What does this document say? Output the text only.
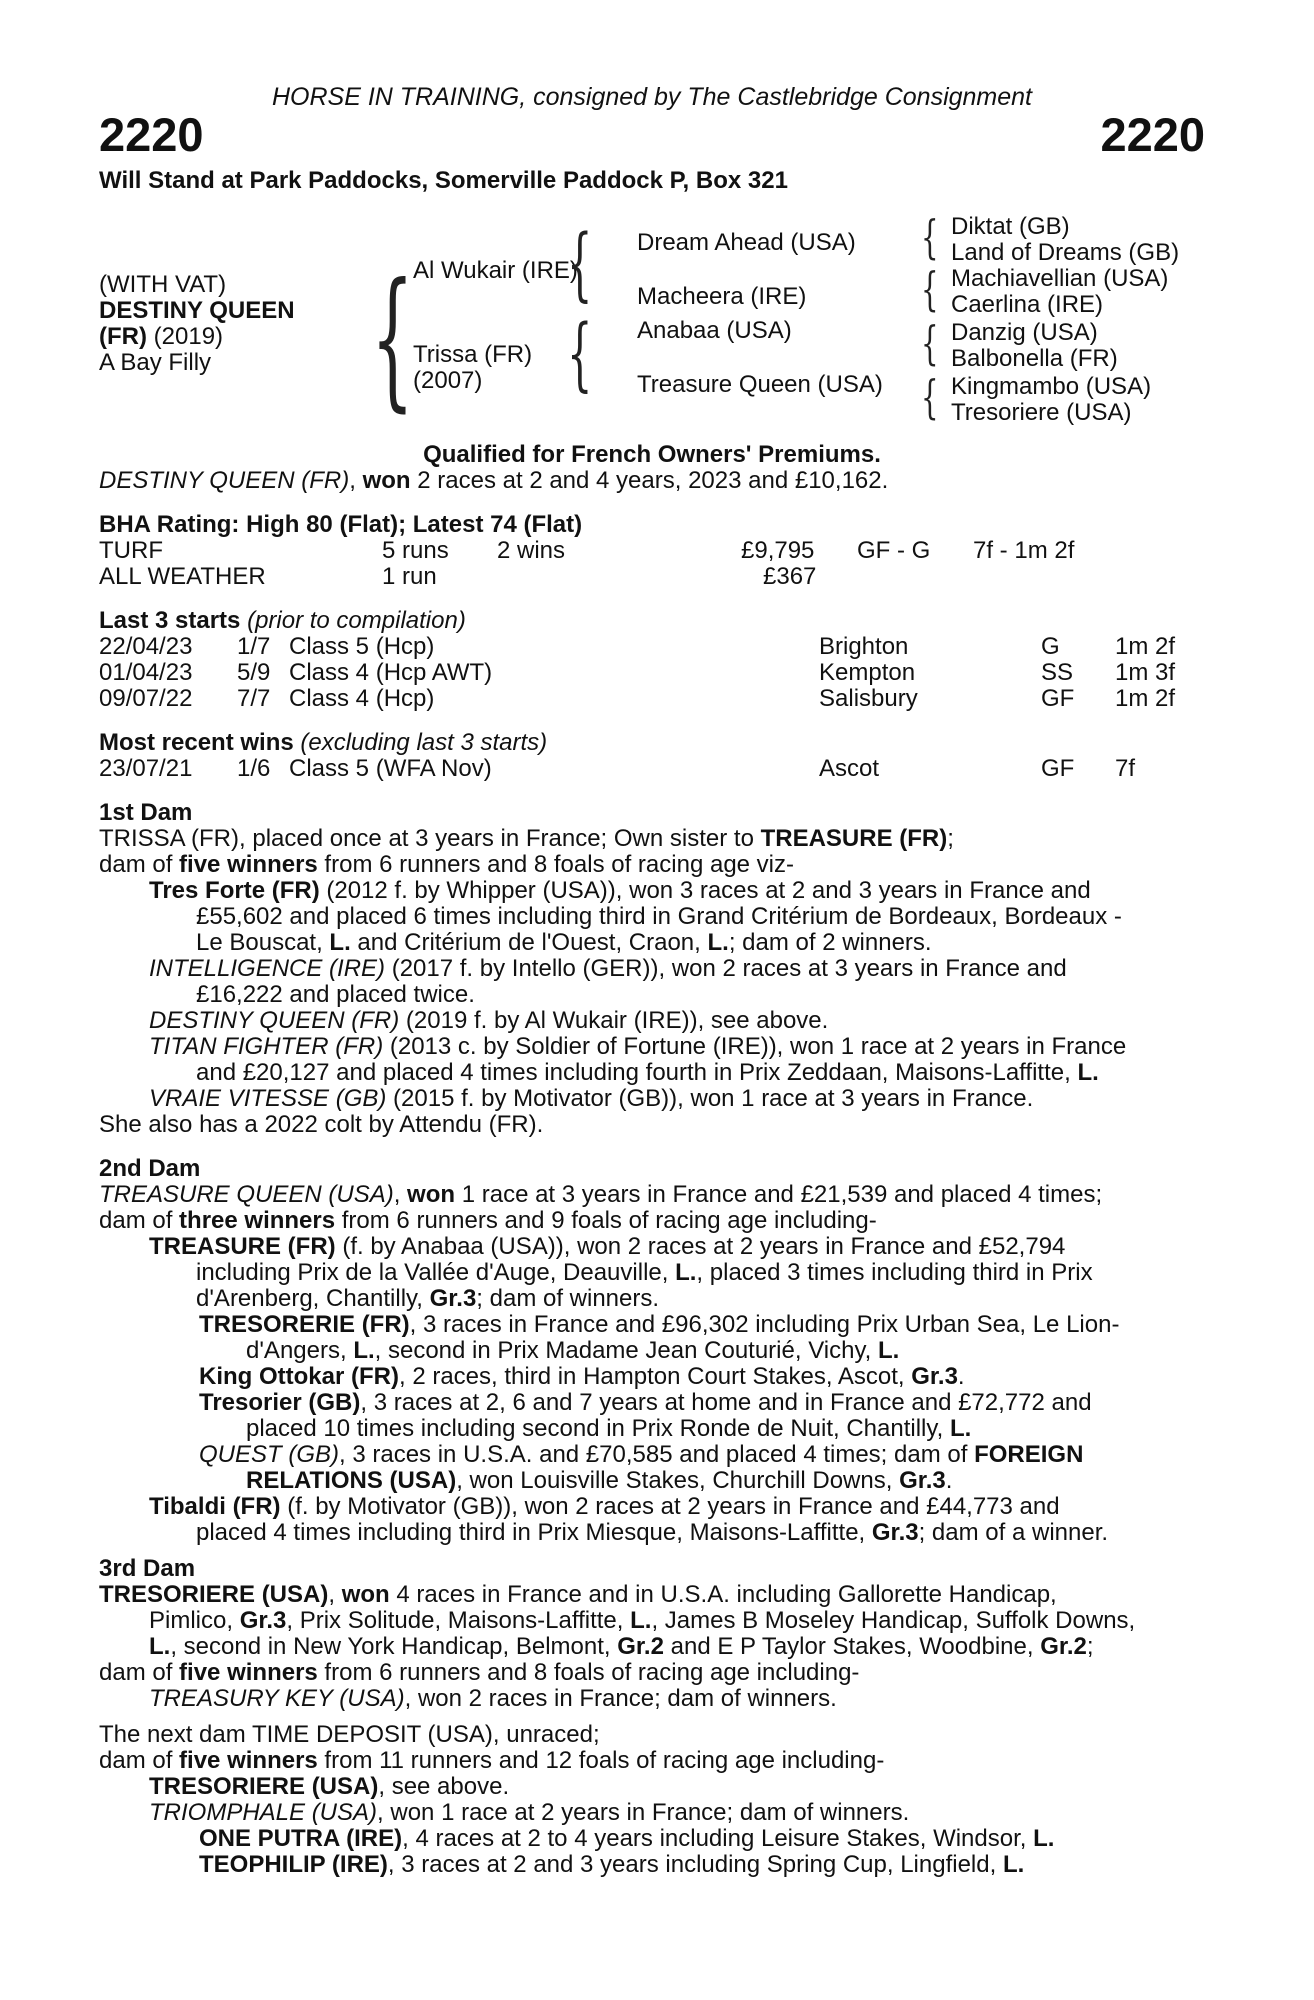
HORSE IN TRAINING, consigned by The Castlebridge Consignment
2220	2220
Will Stand at Park Paddocks, Somerville Paddock P, Box 321
(WITH VAT)
DESTINY QUEEN
(FR) (2019)
A Bay Filly { Al Wukair (IRE)
Trissa (FR)
(2007)
{
{
Dream Ahead (USA)
Macheera (IRE)
Anabaa (USA)
Treasure Queen (USA)
{
{
{
{
Diktat (GB)
Land of Dreams (GB)
Machiavellian (USA)
Caerlina (IRE)
Danzig (USA)
Balbonella (FR)
Kingmambo (USA)
Tresoriere (USA)
Qualified for French Owners' Premiums.
DESTINY QUEEN (FR), won 2 races at 2 and 4 years, 2023 and £10,162.
BHA Rating: High 80 (Flat); Latest 74 (Flat)
TURF	5 runs 2 wins	£9,795 GF - G 7f - 1m 2f
ALL WEATHER	1 run	£367
Last 3 starts (prior to compilation)
22/04/23 1/7 Class 5 (Hcp)	Brighton	G 1m 2f
01/04/23 5/9 Class 4 (Hcp AWT)	Kempton	SS 1m 3f
09/07/22 7/7 Class 4 (Hcp)	Salisbury	GF 1m 2f
Most recent wins (excluding last 3 starts)
23/07/21 1/6 Class 5 (WFA Nov)	Ascot	GF 7f
1st Dam
TRISSA (FR), placed once at 3 years in France; Own sister to TREASURE (FR);
dam of five winners from 6 runners and 8 foals of racing age viz-
Tres Forte (FR) (2012 f. by Whipper (USA)), won 3 races at 2 and 3 years in France and
£55,602 and placed 6 times including third in Grand Critérium de Bordeaux, Bordeaux -
Le Bouscat, L. and Critérium de l'Ouest, Craon, L.; dam of 2 winners.
INTELLIGENCE (IRE) (2017 f. by Intello (GER)), won 2 races at 3 years in France and
£16,222 and placed twice.
DESTINY QUEEN (FR) (2019 f. by Al Wukair (IRE)), see above.
TITAN FIGHTER (FR) (2013 c. by Soldier of Fortune (IRE)), won 1 race at 2 years in France
and £20,127 and placed 4 times including fourth in Prix Zeddaan, Maisons-Laffitte, L.
VRAIE VITESSE (GB) (2015 f. by Motivator (GB)), won 1 race at 3 years in France.
She also has a 2022 colt by Attendu (FR).
2nd Dam
TREASURE QUEEN (USA), won 1 race at 3 years in France and £21,539 and placed 4 times;
dam of three winners from 6 runners and 9 foals of racing age including-
TREASURE (FR) (f. by Anabaa (USA)), won 2 races at 2 years in France and £52,794
including Prix de la Vallée d'Auge, Deauville, L., placed 3 times including third in Prix
d'Arenberg, Chantilly, Gr.3; dam of winners.
TRESORERIE (FR), 3 races in France and £96,302 including Prix Urban Sea, Le Lion-
d'Angers, L., second in Prix Madame Jean Couturié, Vichy, L.
King Ottokar (FR), 2 races, third in Hampton Court Stakes, Ascot, Gr.3.
Tresorier (GB), 3 races at 2, 6 and 7 years at home and in France and £72,772 and
placed 10 times including second in Prix Ronde de Nuit, Chantilly, L.
QUEST (GB), 3 races in U.S.A. and £70,585 and placed 4 times; dam of FOREIGN
RELATIONS (USA), won Louisville Stakes, Churchill Downs, Gr.3.
Tibaldi (FR) (f. by Motivator (GB)), won 2 races at 2 years in France and £44,773 and
placed 4 times including third in Prix Miesque, Maisons-Laffitte, Gr.3; dam of a winner.
3rd Dam
TRESORIERE (USA), won 4 races in France and in U.S.A. including Gallorette Handicap,
Pimlico, Gr.3, Prix Solitude, Maisons-Laffitte, L., James B Moseley Handicap, Suffolk Downs,
L., second in New York Handicap, Belmont, Gr.2 and E P Taylor Stakes, Woodbine, Gr.2;
dam of five winners from 6 runners and 8 foals of racing age including-
TREASURY KEY (USA), won 2 races in France; dam of winners.
The next dam TIME DEPOSIT (USA), unraced;
dam of five winners from 11 runners and 12 foals of racing age including-
TRESORIERE (USA), see above.
TRIOMPHALE (USA), won 1 race at 2 years in France; dam of winners.
ONE PUTRA (IRE), 4 races at 2 to 4 years including Leisure Stakes, Windsor, L.
TEOPHILIP (IRE), 3 races at 2 and 3 years including Spring Cup, Lingfield, L.
